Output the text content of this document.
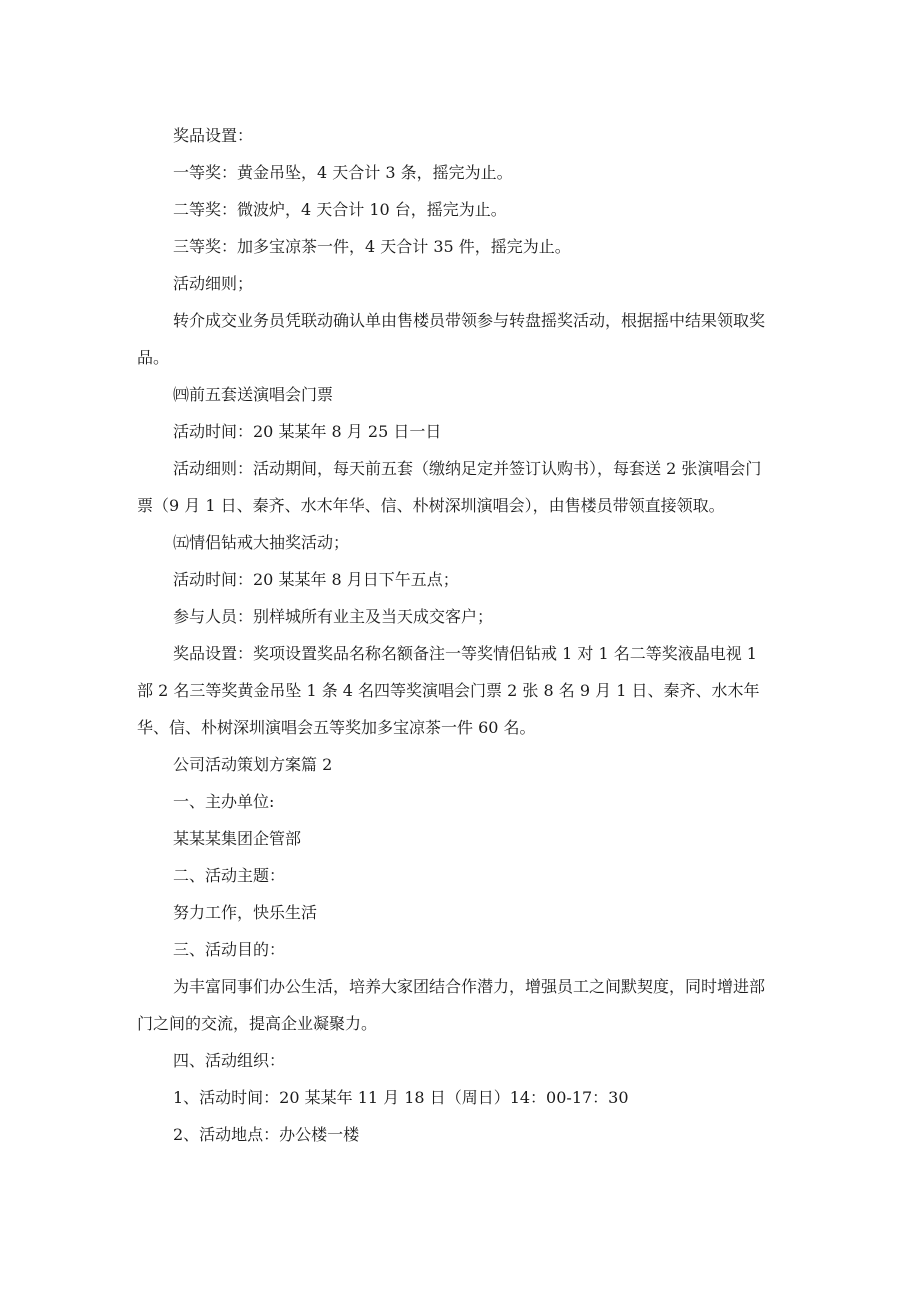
奖品设置：

一等奖：黄金吊坠，4 天合计 3 条，摇完为止。

二等奖：微波炉，4 天合计 10 台，摇完为止。

三等奖：加多宝凉茶一件，4 天合计 35 件，摇完为止。

活动细则；

转介成交业务员凭联动确认单由售楼员带领参与转盘摇奖活动，根据摇中结果领取奖品。

㈣前五套送演唱会门票

活动时间：20 某某年 8 月 25 日一日

活动细则：活动期间，每天前五套（缴纳足定并签订认购书），每套送 2 张演唱会门票（9 月 1 日、秦齐、水木年华、信、朴树深圳演唱会），由售楼员带领直接领取。

㈤情侣钻戒大抽奖活动；

活动时间：20 某某年 8 月日下午五点；

参与人员：别样城所有业主及当天成交客户；

奖品设置：奖项设置奖品名称名额备注一等奖情侣钻戒 1 对 1 名二等奖液晶电视 1 部 2 名三等奖黄金吊坠 1 条 4 名四等奖演唱会门票 2 张 8 名 9 月 1 日、秦齐、水木年华、信、朴树深圳演唱会五等奖加多宝凉茶一件 60 名。

公司活动策划方案篇 2

一、主办单位:

某某某集团企管部

二、活动主题：

努力工作，快乐生活

三、活动目的：

为丰富同事们办公生活，培养大家团结合作潜力，增强员工之间默契度，同时增进部门之间的交流，提高企业凝聚力。

四、活动组织：

1、活动时间：20 某某年 11 月 18 日（周日）14：00-17：30

2、活动地点：办公楼一楼
